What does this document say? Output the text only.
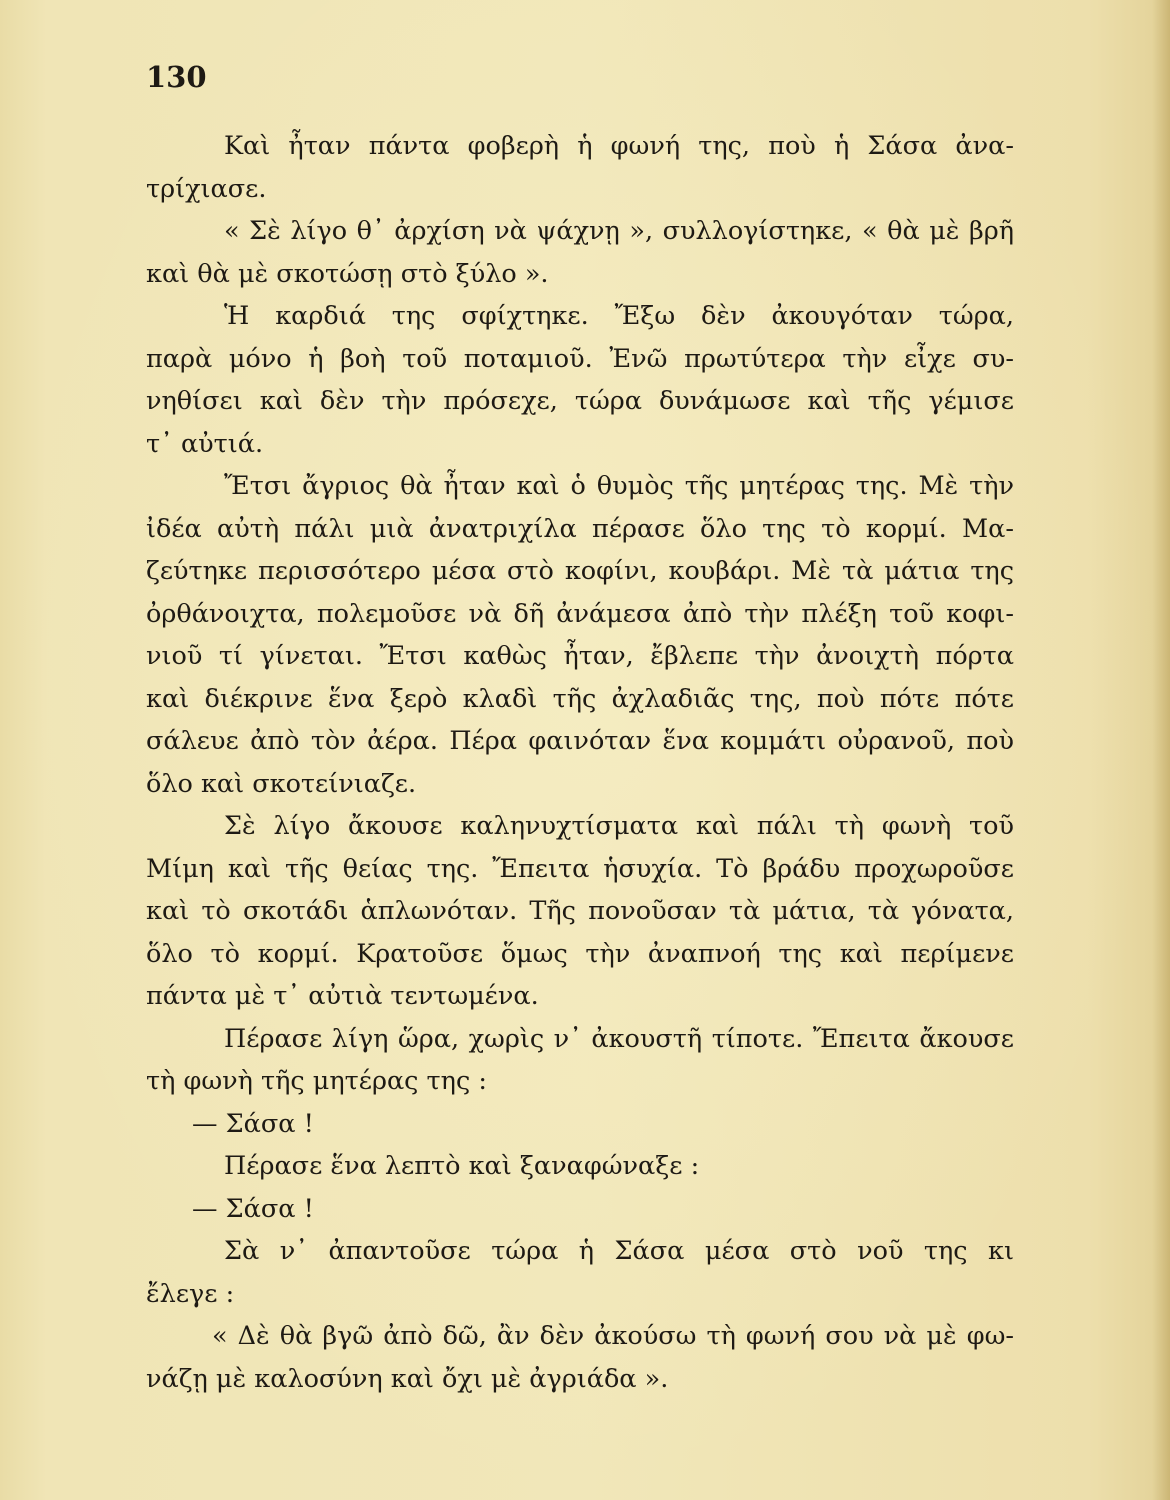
130
Καὶ ἦταν πάντα φοβερὴ ἡ φωνή της, ποὺ ἡ Σάσα ἀνα-
τρίχιασε.
« Σὲ λίγο θ᾿ ἀρχίση νὰ ψάχνῃ », συλλογίστηκε, « θὰ μὲ βρῆ
καὶ θὰ μὲ σκοτώσῃ στὸ ξύλο ».
Ἡ καρδιά της σφίχτηκε. Ἔξω δὲν ἀκουγόταν τώρα,
παρὰ μόνο ἡ βοὴ τοῦ ποταμιοῦ. Ἐνῶ πρωτύτερα τὴν εἶχε συ-
νηθίσει καὶ δὲν τὴν πρόσεχε, τώρα δυνάμωσε καὶ τῆς γέμισε
τ᾿ αὐτιά.
Ἔτσι ἄγριος θὰ ἦταν καὶ ὁ θυμὸς τῆς μητέρας της. Μὲ τὴν
ἰδέα αὐτὴ πάλι μιὰ ἀνατριχίλα πέρασε ὅλο της τὸ κορμί. Μα-
ζεύτηκε περισσότερο μέσα στὸ κοφίνι, κουβάρι. Μὲ τὰ μάτια της
ὀρθάνοιχτα, πολεμοῦσε νὰ δῆ ἀνάμεσα ἀπὸ τὴν πλέξη τοῦ κοφι-
νιοῦ τί γίνεται. Ἔτσι καθὼς ἦταν, ἔβλεπε τὴν ἀνοιχτὴ πόρτα
καὶ διέκρινε ἕνα ξερὸ κλαδὶ τῆς ἀχλαδιᾶς της, ποὺ πότε πότε
σάλευε ἀπὸ τὸν ἀέρα. Πέρα φαινόταν ἕνα κομμάτι οὐρανοῦ, ποὺ
ὅλο καὶ σκοτείνιαζε.
Σὲ λίγο ἄκουσε καληνυχτίσματα καὶ πάλι τὴ φωνὴ τοῦ
Μίμη καὶ τῆς θείας της. Ἔπειτα ἡσυχία. Τὸ βράδυ προχωροῦσε
καὶ τὸ σκοτάδι ἁπλωνόταν. Τῆς πονοῦσαν τὰ μάτια, τὰ γόνατα,
ὅλο τὸ κορμί. Κρατοῦσε ὅμως τὴν ἀναπνοή της καὶ περίμενε
πάντα μὲ τ᾿ αὐτιὰ τεντωμένα.
Πέρασε λίγη ὥρα, χωρὶς ν᾿ ἀκουστῆ τίποτε. Ἔπειτα ἄκουσε
τὴ φωνὴ τῆς μητέρας της :
— Σάσα !
Πέρασε ἕνα λεπτὸ καὶ ξαναφώναξε :
— Σάσα !
Σὰ ν᾿ ἀπαντοῦσε τώρα ἡ Σάσα μέσα στὸ νοῦ της κι
ἔλεγε :
« Δὲ θὰ βγῶ ἀπὸ δῶ, ἂν δὲν ἀκούσω τὴ φωνή σου νὰ μὲ φω-
νάζῃ μὲ καλοσύνη καὶ ὄχι μὲ ἀγριάδα ».
